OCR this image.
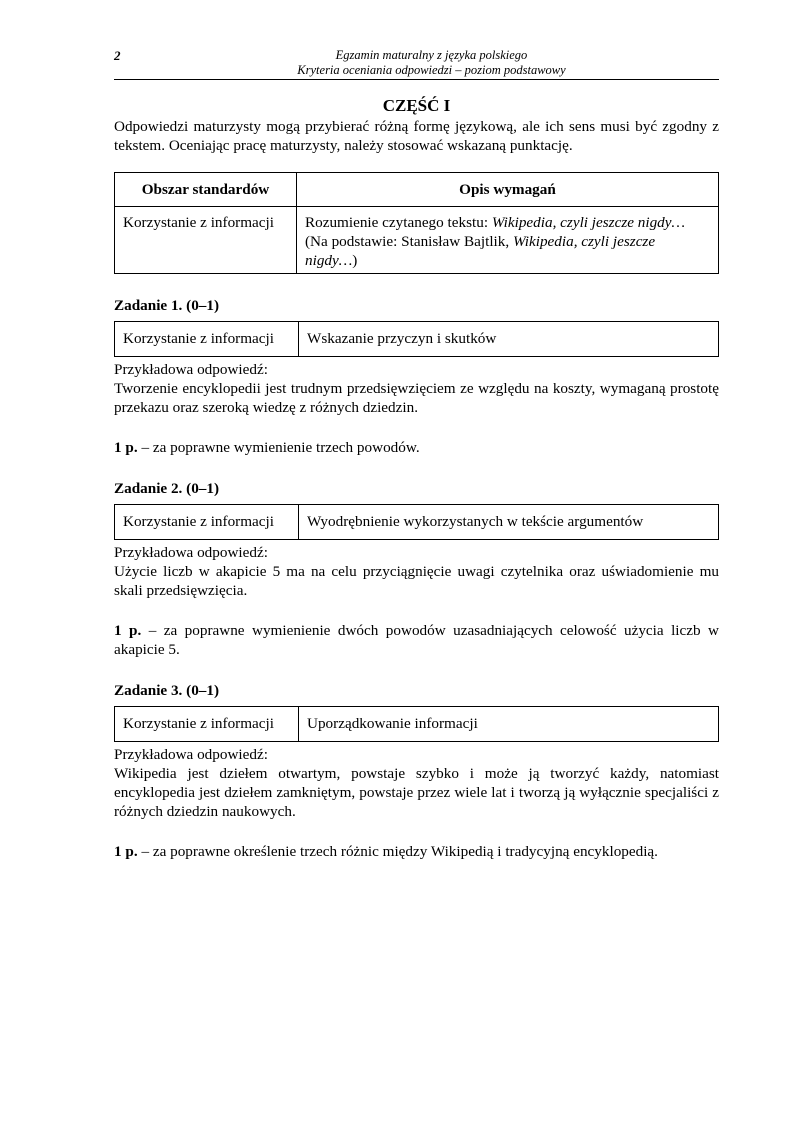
2	Egzamin maturalny z języka polskiego
Kryteria oceniania odpowiedzi – poziom podstawowy
CZĘŚĆ I

Odpowiedzi maturzysty mogą przybierać różną formę językową, ale ich sens musi być zgodny z tekstem. Oceniając pracę maturzysty, należy stosować wskazaną punktację.

Obszar standardów	Opis wymagań
Korzystanie z informacji	Rozumienie czytanego tekstu: Wikipedia, czyli jeszcze nigdy…
(Na podstawie: Stanisław Bajtlik, Wikipedia, czyli jeszcze nigdy…)
Zadanie 1. (0–1)
Korzystanie z informacji	Wskazanie przyczyn i skutków

Przykładowa odpowiedź:

Tworzenie encyklopedii jest trudnym przedsięwzięciem ze względu na koszty, wymaganą prostotę przekazu oraz szeroką wiedzę z różnych dziedzin.

1 p. – za poprawne wymienienie trzech powodów.

Zadanie 2. (0–1)
Korzystanie z informacji	Wyodrębnienie wykorzystanych w tekście argumentów

Przykładowa odpowiedź:

Użycie liczb w akapicie 5 ma na celu przyciągnięcie uwagi czytelnika oraz uświadomienie mu skali przedsięwzięcia.

1 p. – za poprawne wymienienie dwóch powodów uzasadniających celowość użycia liczb w akapicie 5.

Zadanie 3. (0–1)
Korzystanie z informacji	Uporządkowanie informacji

Przykładowa odpowiedź:

Wikipedia jest dziełem otwartym, powstaje szybko i może ją tworzyć każdy, natomiast encyklopedia jest dziełem zamkniętym, powstaje przez wiele lat i tworzą ją wyłącznie specjaliści z różnych dziedzin naukowych.

1 p. – za poprawne określenie trzech różnic między Wikipedią i tradycyjną encyklopedią.
